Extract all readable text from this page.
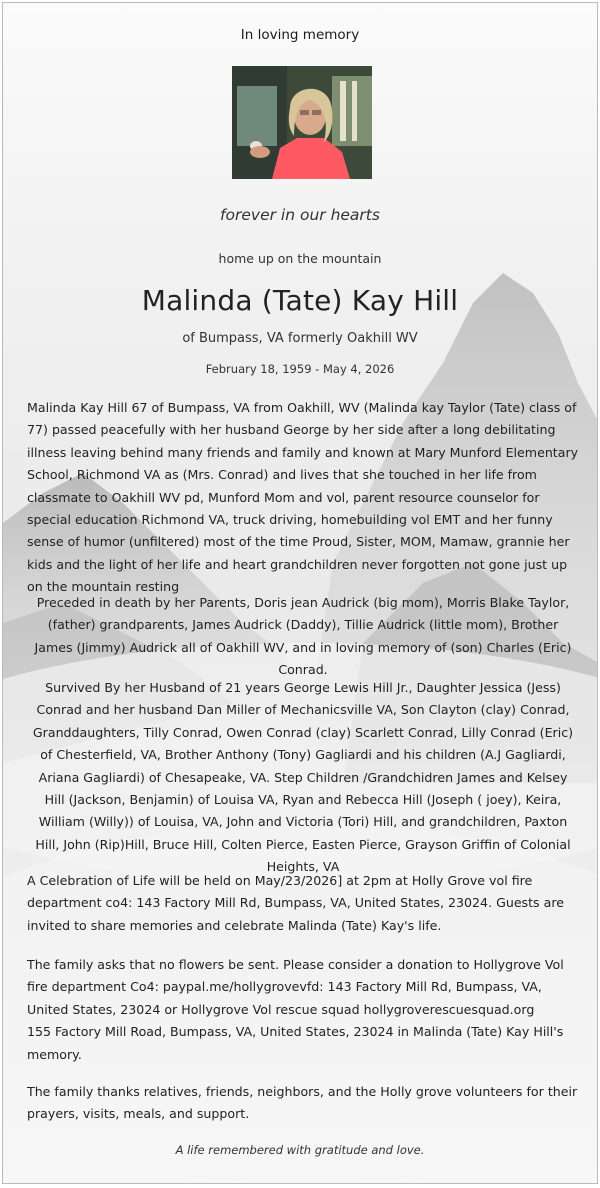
In loving memory
forever in our hearts
home up on the mountain
Malinda (Tate) Kay Hill
of Bumpass, VA formerly Oakhill WV
February 18, 1959 - May 4, 2026
Malinda Kay Hill 67 of Bumpass, VA from Oakhill, WV (Malinda kay Taylor (Tate) class of 77) passed peacefully with her husband George by her side after a long debilitating illness leaving behind many friends and family and known at Mary Munford Elementary School, Richmond VA as (Mrs. Conrad) and lives that she touched in her life from classmate to Oakhill WV pd, Munford Mom and vol, parent resource counselor for special education Richmond VA, truck driving, homebuilding vol EMT and her funny sense of humor (unfiltered) most of the time Proud, Sister, MOM, Mamaw, grannie her kids and the light of her life and heart grandchildren never forgotten not gone just up on the mountain resting
Preceded in death by her Parents, Doris jean Audrick (big mom), Morris Blake Taylor, (father) grandparents, James Audrick (Daddy), Tillie Audrick (little mom), Brother James (Jimmy) Audrick all of Oakhill WV, and in loving memory of (son) Charles (Eric) Conrad.
Survived By her Husband of 21 years George Lewis Hill Jr., Daughter Jessica (Jess) Conrad and her husband Dan Miller of Mechanicsville VA, Son Clayton (clay) Conrad, Granddaughters, Tilly Conrad, Owen Conrad (clay) Scarlett Conrad, Lilly Conrad (Eric) of Chesterfield, VA, Brother Anthony (Tony) Gagliardi and his children (A.J Gagliardi, Ariana Gagliardi) of Chesapeake, VA. Step Children /Grandchidren James and Kelsey Hill (Jackson, Benjamin) of Louisa VA, Ryan and Rebecca Hill (Joseph ( joey), Keira, William (Willy)) of Louisa, VA, John and Victoria (Tori) Hill, and grandchildren, Paxton Hill, John (Rip)Hill, Bruce Hill, Colten Pierce, Easten Pierce, Grayson Griffin of Colonial Heights, VA
A Celebration of Life will be held on May/23/2026] at 2pm at Holly Grove vol fire department co4: 143 Factory Mill Rd, Bumpass, VA, United States, 23024. Guests are invited to share memories and celebrate Malinda (Tate) Kay's life.
The family asks that no flowers be sent. Please consider a donation to Hollygrove Vol fire department Co4: paypal.me/hollygrovevfd: 143 Factory Mill Rd, Bumpass, VA, United States, 23024 or Hollygrove Vol rescue squad hollygroverescuesquad.org
155 Factory Mill Road, Bumpass, VA, United States, 23024 in Malinda (Tate) Kay Hill's memory.
The family thanks relatives, friends, neighbors, and the Holly grove volunteers for their prayers, visits, meals, and support.
A life remembered with gratitude and love.
